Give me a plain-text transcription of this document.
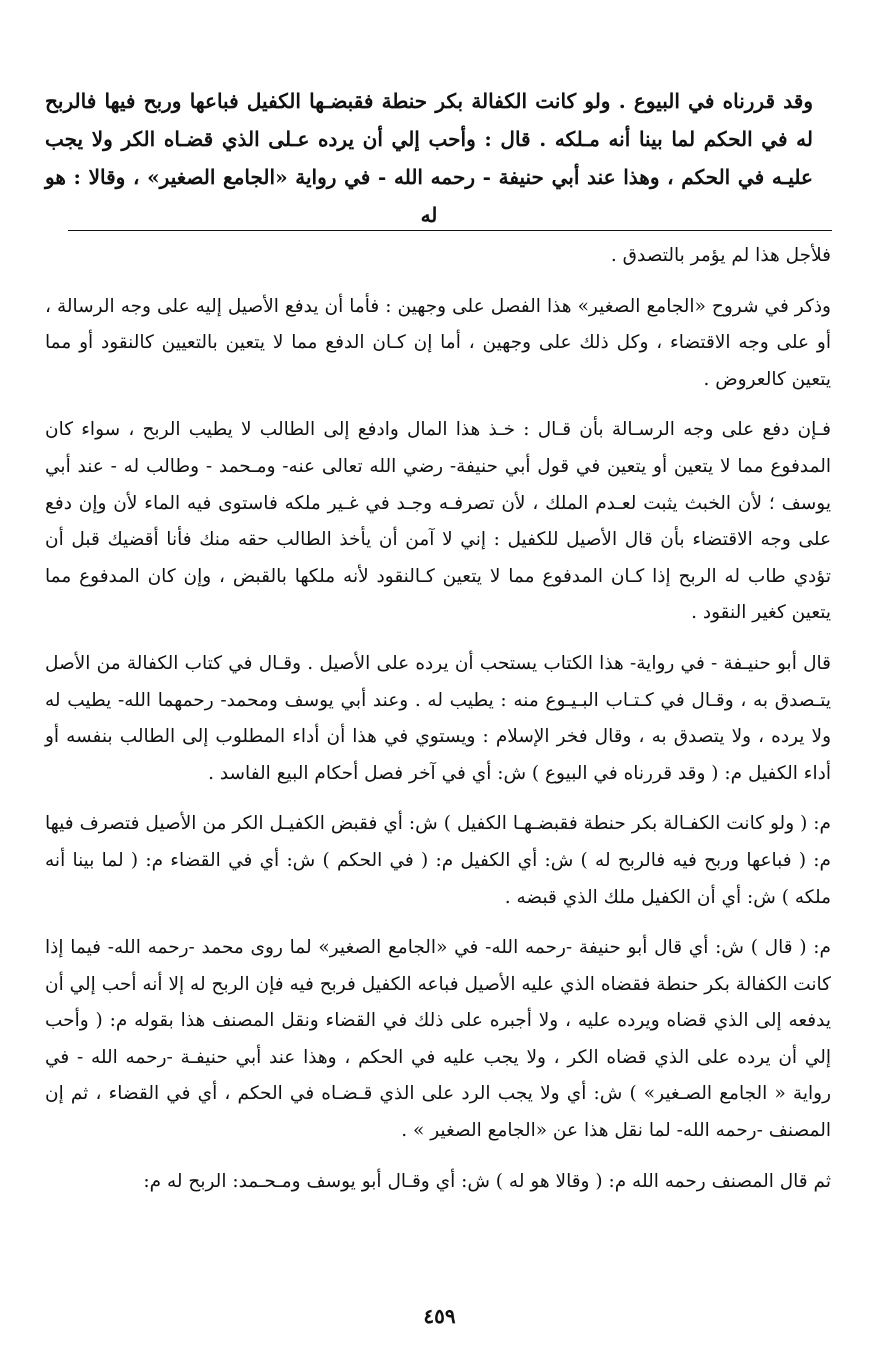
وقد قررناه في البيوع . ولو كانت الكفالة بكر حنطة فقبضـها الكفيل فباعها وربح فيها فالربح له في الحكم لما بينا أنه مـلكه . قال : وأحب إلي أن يرده عـلى الذي قضـاه الكر ولا يجب عليـه في الحكم ، وهذا عند أبي حنيفة - رحمه الله - في رواية «الجامع الصغير» ، وقالا : هو له

فلأجل هذا لم يؤمر بالتصدق .

وذكر في شروح «الجامع الصغير» هذا الفصل على وجهين : فأما أن يدفع الأصيل إليه على وجه الرسالة ، أو على وجه الاقتضاء ، وكل ذلك على وجهين ، أما إن كـان الدفع مما لا يتعين بالتعيين كالنقود أو مما يتعين كالعروض .

فـإن دفع على وجه الرسـالة بأن قـال : خـذ هذا المال وادفع إلى الطالب لا يطيب الربح ، سواء كان المدفوع مما لا يتعين أو يتعين في قول أبي حنيفة- رضي الله تعالى عنه- ومـحمد - وطالب له - عند أبي يوسف ؛ لأن الخبث يثبت لعـدم الملك ، لأن تصرفـه وجـد في غـير ملكه فاستوى فيه الماء لأن وإن دفع على وجه الاقتضاء بأن قال الأصيل للكفيل : إني لا آمن أن يأخذ الطالب حقه منك فأنا أقضيك قبل أن تؤدي طاب له الربح إذا كـان المدفوع مما لا يتعين كـالنقود لأنه ملكها بالقبض ، وإن كان المدفوع مما يتعين كغير النقود .

قال أبو حنيـفة - في رواية- هذا الكتاب يستحب أن يرده على الأصيل . وقـال في كتاب الكفالة من الأصل يتـصدق به ، وقـال في كـتـاب البـيـوع منه : يطيب له . وعند أبي يوسف ومحمد- رحمهما الله- يطيب له ولا يرده ، ولا يتصدق به ، وقال فخر الإسلام : ويستوي في هذا أن أداء المطلوب إلى الطالب بنفسه أو أداء الكفيل م: ( وقد قررناه في البيوع ) ش: أي في آخر فصل أحكام البيع الفاسد .

م: ( ولو كانت الكفـالة بكر حنطة فقبضـهـا الكفيل ) ش: أي فقبض الكفيـل الكر من الأصيل فتصرف فيها م: ( فباعها وربح فيه فالربح له ) ش: أي الكفيل م: ( في الحكم ) ش: أي في القضاء م: ( لما بينا أنه ملكه ) ش: أي أن الكفيل ملك الذي قبضه .

م: ( قال ) ش: أي قال أبو حنيفة -رحمه الله- في «الجامع الصغير» لما روى محمد -رحمه الله- فيما إذا كانت الكفالة بكر حنطة فقضاه الذي عليه الأصيل فباعه الكفيل فربح فيه فإن الربح له إلا أنه أحب إلي أن يدفعه إلى الذي قضاه ويرده عليه ، ولا أجبره على ذلك في القضاء ونقل المصنف هذا بقوله م: ( وأحب إلي أن يرده على الذي قضاه الكر ، ولا يجب عليه في الحكم ، وهذا عند أبي حنيفـة -رحمه الله - في رواية « الجامع الصـغير» ) ش: أي ولا يجب الرد على الذي قـضـاه في الحكم ، أي في القضاء ، ثم إن المصنف -رحمه الله- لما نقل هذا عن «الجامع الصغير » .

ثم قال المصنف رحمه الله م: ( وقالا هو له ) ش: أي وقـال أبو يوسف ومـحـمد: الربح له م:

٤٥٩
